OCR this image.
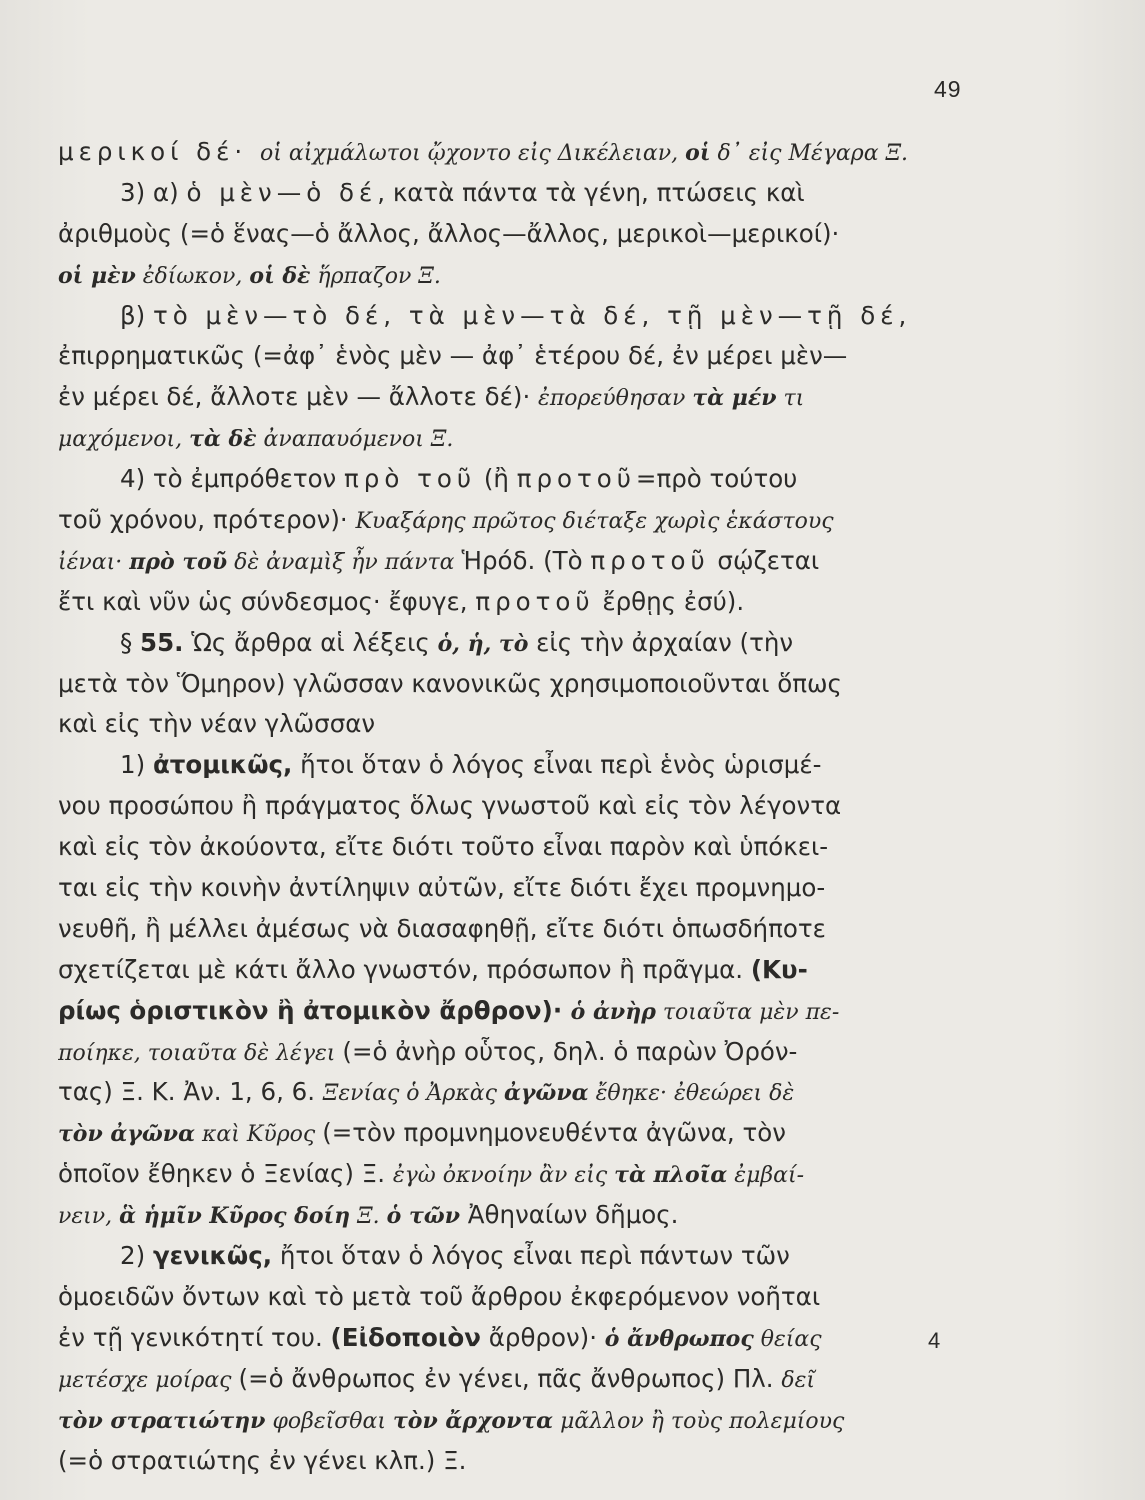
49
μερικοί δέ· οἱ αἰχμάλωτοι ᾤχοντο εἰς Δικέλειαν, οἱ δ᾽ εἰς Μέγαρα Ξ.
3) α) ὁ μὲν—ὁ δέ, κατὰ πάντα τὰ γένη, πτώσεις καὶ
ἀριθμοὺς (=ὁ ἕνας—ὁ ἄλλος, ἄλλος—ἄλλος, μερικοὶ—μερικοί)·
οἱ μὲν ἐδίωκον, οἱ δὲ ἥρπαζον Ξ.
β) τὸ μὲν—τὸ δέ, τὰ μὲν—τὰ δέ, τῇ μὲν—τῇ δέ,
ἐπιρρηματικῶς (=ἀφ᾽ ἑνὸς μὲν — ἀφ᾽ ἑτέρου δέ, ἐν μέρει μὲν—
ἐν μέρει δέ, ἄλλοτε μὲν — ἄλλοτε δέ)· ἐπορεύθησαν τὰ μέν τι
μαχόμενοι, τὰ δὲ ἀναπαυόμενοι Ξ.
4) τὸ ἐμπρόθετον πρὸ τοῦ (ἢ προτοῦ=πρὸ τούτου
τοῦ χρόνου, πρότερον)· Κυαξάρης πρῶτος διέταξε χωρὶς ἑκάστους
ἰέναι· πρὸ τοῦ δὲ ἀναμὶξ ἦν πάντα Ἡρόδ. (Τὸ προτοῦ σῴζεται
ἔτι καὶ νῦν ὡς σύνδεσμος· ἔφυγε, προτοῦ ἔρθῃς ἐσύ).
§ 55. Ὡς ἄρθρα αἱ λέξεις ὁ, ἡ, τὸ εἰς τὴν ἀρχαίαν (τὴν
μετὰ τὸν Ὅμηρον) γλῶσσαν κανονικῶς χρησιμοποιοῦνται ὅπως
καὶ εἰς τὴν νέαν γλῶσσαν
1) ἀτομικῶς, ἤτοι ὅταν ὁ λόγος εἶναι περὶ ἑνὸς ὡρισμέ-
νου προσώπου ἢ πράγματος ὅλως γνωστοῦ καὶ εἰς τὸν λέγοντα
καὶ εἰς τὸν ἀκούοντα, εἴτε διότι τοῦτο εἶναι παρὸν καὶ ὑπόκει-
ται εἰς τὴν κοινὴν ἀντίληψιν αὐτῶν, εἴτε διότι ἔχει προμνημο-
νευθῆ, ἢ μέλλει ἀμέσως νὰ διασαφηθῇ, εἴτε διότι ὁπωσδήποτε
σχετίζεται μὲ κάτι ἄλλο γνωστόν, πρόσωπον ἢ πρᾶγμα. (Κυ-
ρίως ὁριστικὸν ἢ ἀτομικὸν ἄρθρον)· ὁ ἀνὴρ τοιαῦτα μὲν πε-
ποίηκε, τοιαῦτα δὲ λέγει (=ὁ ἀνὴρ οὗτος, δηλ. ὁ παρὼν Ὀρόν-
τας) Ξ. Κ. Ἀν. 1, 6, 6. Ξενίας ὁ Ἀρκὰς ἀγῶνα ἔθηκε· ἐθεώρει δὲ
τὸν ἀγῶνα καὶ Κῦρος (=τὸν προμνημονευθέντα ἀγῶνα, τὸν
ὁποῖον ἔθηκεν ὁ Ξενίας) Ξ. ἐγὼ ὀκνοίην ἂν εἰς τὰ πλοῖα ἐμβαί-
νειν, ἃ ἡμῖν Κῦρος δοίη Ξ. ὁ τῶν Ἀθηναίων δῆμος.
2) γενικῶς, ἤτοι ὅταν ὁ λόγος εἶναι περὶ πάντων τῶν
ὁμοειδῶν ὄντων καὶ τὸ μετὰ τοῦ ἄρθρου ἐκφερόμενον νοῆται
ἐν τῇ γενικότητί του. (Εἰδοποιὸν ἄρθρον)· ὁ ἄνθρωπος θείας
μετέσχε μοίρας (=ὁ ἄνθρωπος ἐν γένει, πᾶς ἄνθρωπος) Πλ. δεῖ
τὸν στρατιώτην φοβεῖσθαι τὸν ἄρχοντα μᾶλλον ἢ τοὺς πολεμίους
(=ὁ στρατιώτης ἐν γένει κλπ.) Ξ.
4
